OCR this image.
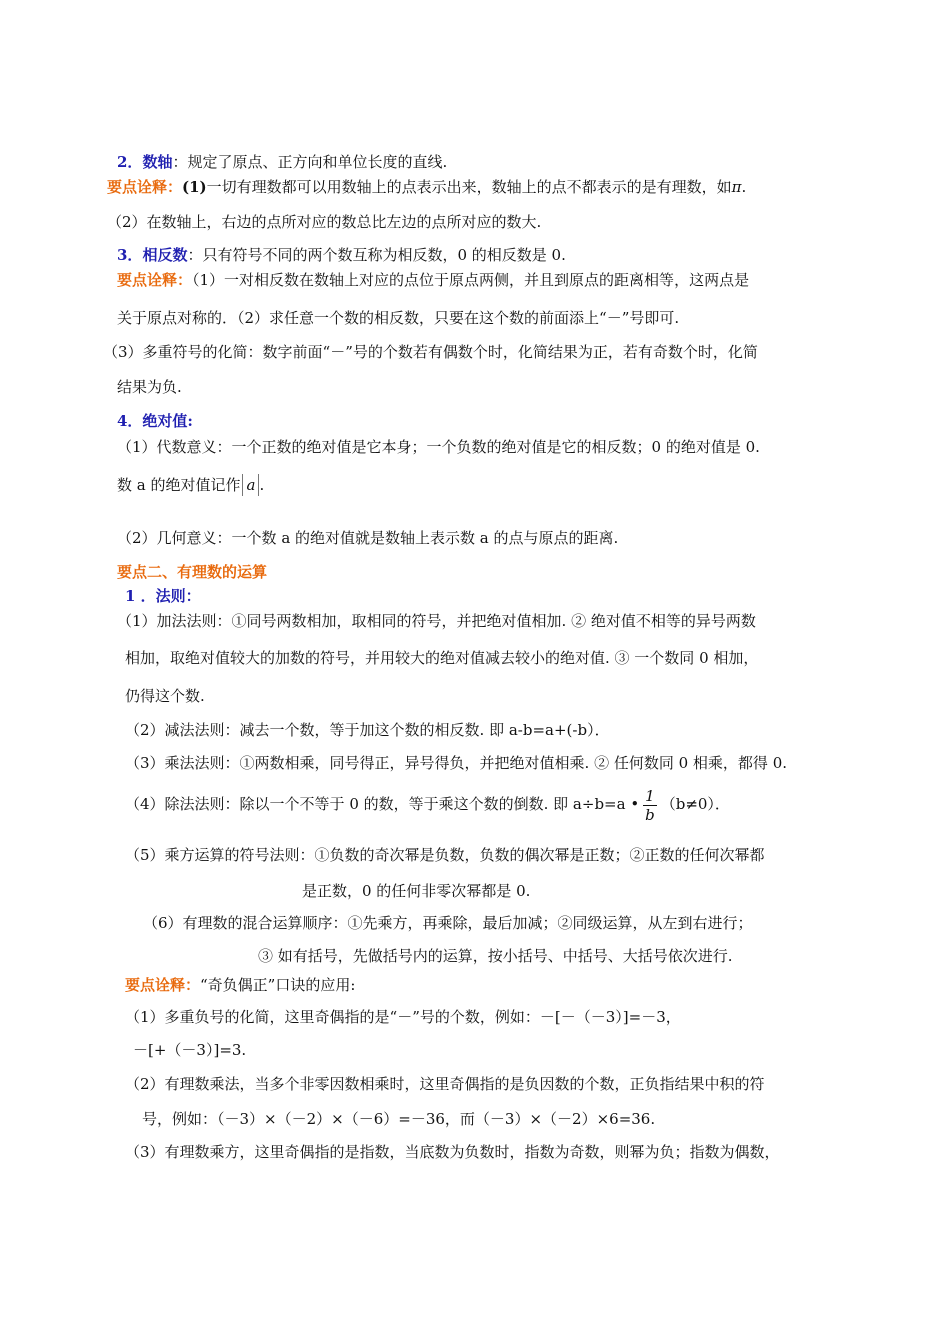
2．数轴：规定了原点、正方向和单位长度的直线.
要点诠释：(1)一切有理数都可以用数轴上的点表示出来，数轴上的点不都表示的是有理数，如π.
（2）在数轴上，右边的点所对应的数总比左边的点所对应的数大.
3．相反数：只有符号不同的两个数互称为相反数，0 的相反数是 0.
要点诠释：（1）一对相反数在数轴上对应的点位于原点两侧，并且到原点的距离相等，这两点是
关于原点对称的．（2）求任意一个数的相反数，只要在这个数的前面添上“－”号即可.
（3）多重符号的化简：数字前面“－”号的个数若有偶数个时，化简结果为正，若有奇数个时，化简
结果为负.
4．绝对值:
（1）代数意义：一个正数的绝对值是它本身；一个负数的绝对值是它的相反数；0 的绝对值是 0.
数 a 的绝对值记作 a .
（2）几何意义：一个数 a 的绝对值就是数轴上表示数 a 的点与原点的距离.
要点二、有理数的运算
1 ．法则：
（1）加法法则：①同号两数相加，取相同的符号，并把绝对值相加. ② 绝对值不相等的异号两数
相加，取绝对值较大的加数的符号，并用较大的绝对值减去较小的绝对值. ③ 一个数同 0 相加，
仍得这个数.
（2）减法法则：减去一个数，等于加这个数的相反数. 即 a-b=a+(-b）．
（3）乘法法则：①两数相乘，同号得正，异号得负，并把绝对值相乘. ② 任何数同 0 相乘，都得 0.
（4）除法法则：除以一个不等于 0 的数，等于乘这个数的倒数. 即 a÷b=a • $\frac{1}{b} (b\ne 0)$．
（5）乘方运算的符号法则：①负数的奇次幂是负数，负数的偶次幂是正数；②正数的任何次幂都
是正数，0 的任何非零次幂都是 0.
（6）有理数的混合运算顺序：①先乘方，再乘除，最后加减；②同级运算，从左到右进行；
③ 如有括号，先做括号内的运算，按小括号、中括号、大括号依次进行.
要点诠释：“奇负偶正”口诀的应用:
（1）多重负号的化简，这里奇偶指的是“－”号的个数，例如：－[－（－3）]=－3，
－[+（－3）]=3.
（2）有理数乘法，当多个非零因数相乘时，这里奇偶指的是负因数的个数，正负指结果中积的符
号，例如：（－3）×（－2）×（－6）=－36，而（－3）×（－2）×6=36.
（3）有理数乘方，这里奇偶指的是指数，当底数为负数时，指数为奇数，则幂为负；指数为偶数，
